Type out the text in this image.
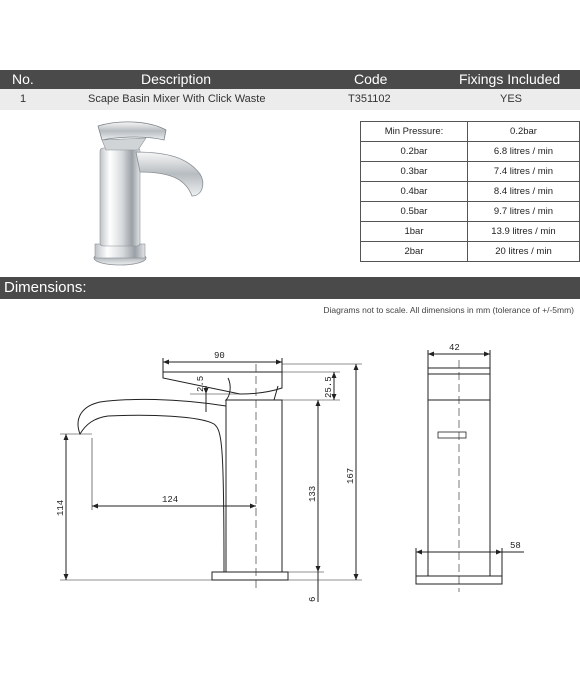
No.	Description	Code	Fixings Included
1	Scape Basin Mixer With Click Waste	T351102	YES
Min Pressure:	0.2bar
0.2bar	6.8 litres / min
0.3bar	7.4 litres / min
0.4bar	8.4 litres / min
0.5bar	9.7 litres / min
1bar	13.9 litres / min
2bar	20 litres / min
Dimensions:
Diagrams not to scale. All dimensions in mm (tolerance of +/-5mm)
90
2.5	25.5
124	133
167
114
6
42
58
